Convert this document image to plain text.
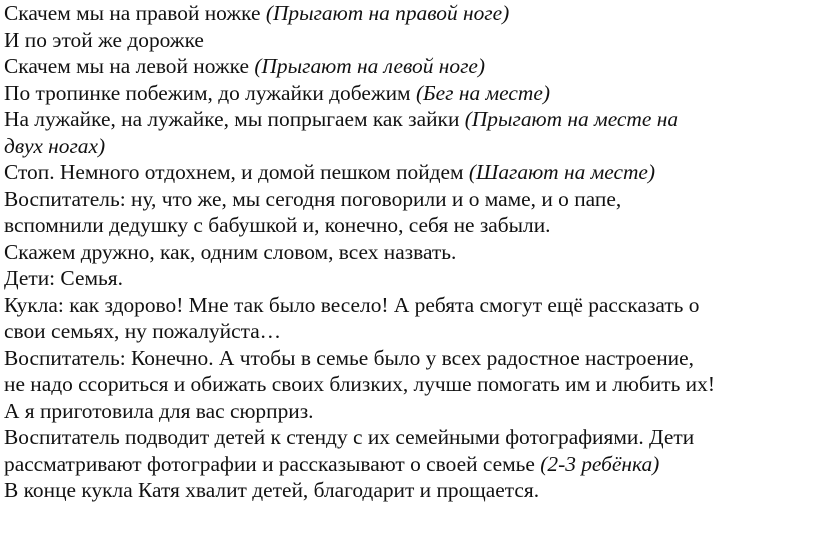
Скачем мы на правой ножке (Прыгают на правой ноге)
И по этой же дорожке
Скачем мы на левой ножке (Прыгают на левой ноге)
По тропинке побежим, до лужайки добежим (Бег на месте)
На лужайке, на лужайке, мы попрыгаем как зайки (Прыгают на месте на
двух ногах)
Стоп. Немного отдохнем, и домой пешком пойдем (Шагают на месте)
Воспитатель: ну, что же, мы сегодня поговорили и о маме, и о папе,
вспомнили дедушку с бабушкой и, конечно, себя не забыли.
Скажем дружно, как, одним словом, всех назвать.
Дети: Семья.
Кукла: как здорово! Мне так было весело! А ребята смогут ещё рассказать о
свои семьях, ну пожалуйста…
Воспитатель: Конечно. А чтобы в семье было у всех радостное настроение,
не надо ссориться и обижать своих близких, лучше помогать им и любить их!
А я приготовила для вас сюрприз.
Воспитатель подводит детей к стенду с их семейными фотографиями. Дети
рассматривают фотографии и рассказывают о своей семье (2-3 ребёнка)
В конце кукла Катя хвалит детей, благодарит и прощается.
